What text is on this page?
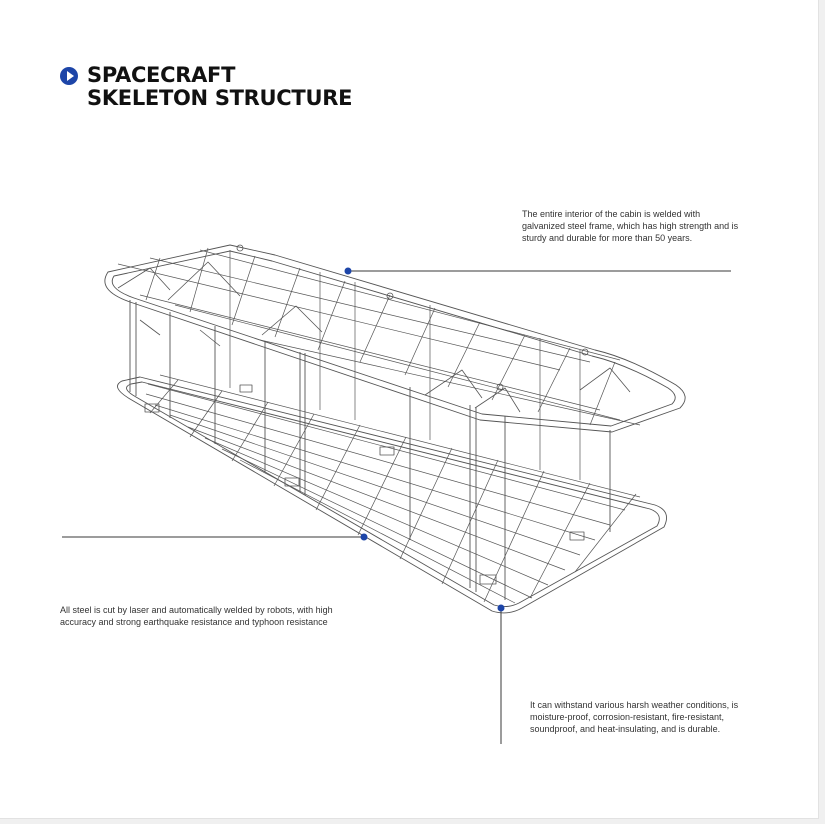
SPACECRAFT
SKELETON STRUCTURE
The entire interior of the cabin is welded with galvanized steel frame, which has high strength and is sturdy and durable for more than 50 years.
All steel is cut by laser and automatically welded by robots, with high accuracy and strong earthquake resistance and typhoon resistance
It can withstand various harsh weather conditions, is moisture-proof, corrosion-resistant, fire-resistant, soundproof, and heat-insulating, and is durable.
